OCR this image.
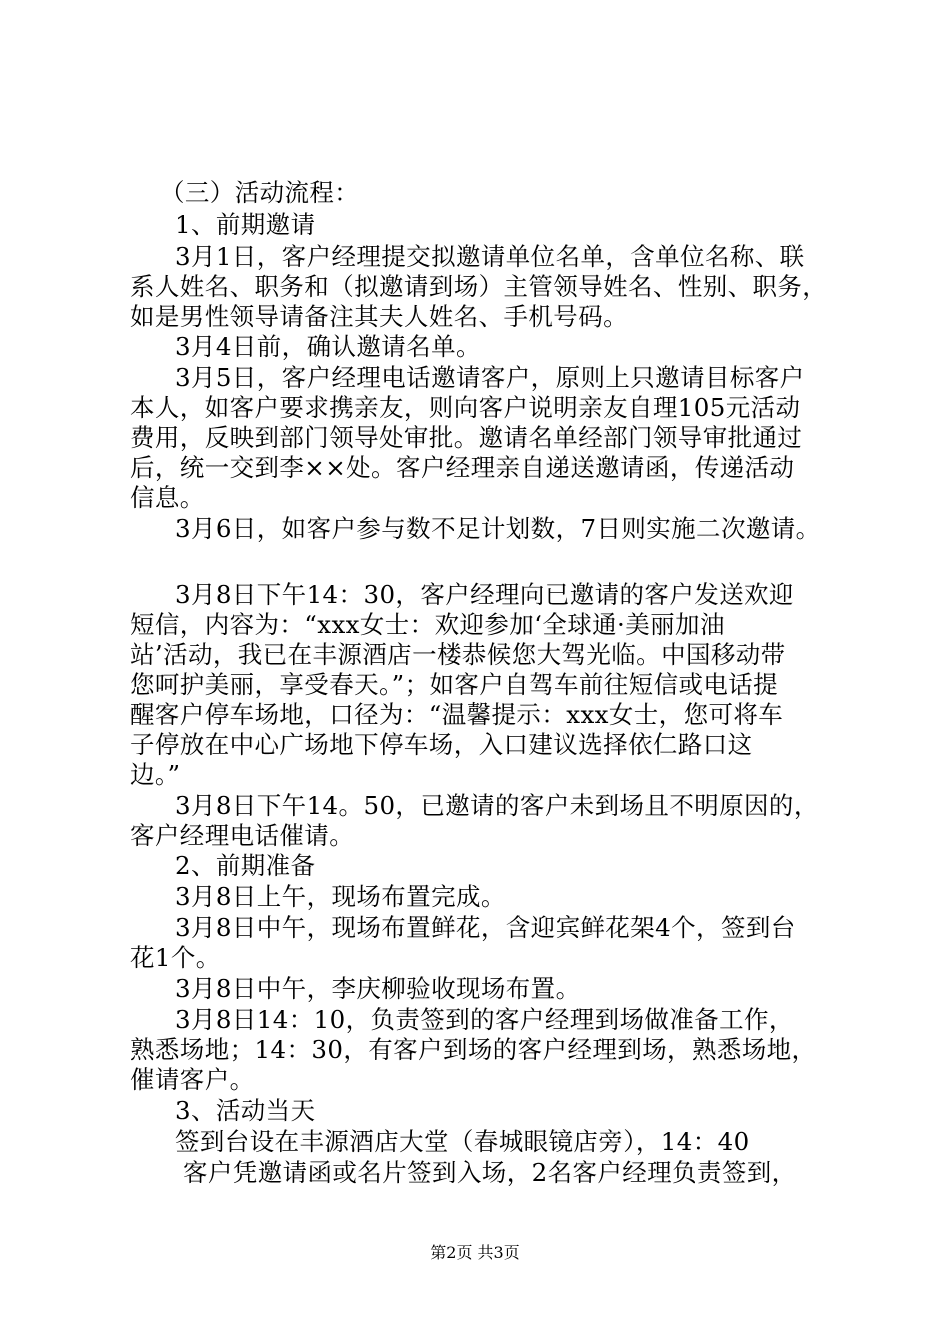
（三）活动流程：
1、前期邀请
3月1日，客户经理提交拟邀请单位名单，含单位名称、联
系人姓名、职务和（拟邀请到场）主管领导姓名、性别、职务，
如是男性领导请备注其夫人姓名、手机号码。
3月4日前，确认邀请名单。
3月5日，客户经理电话邀请客户，原则上只邀请目标客户
本人，如客户要求携亲友，则向客户说明亲友自理105元活动
费用，反映到部门领导处审批。邀请名单经部门领导审批通过
后，统一交到李××处。客户经理亲自递送邀请函，传递活动
信息。
3月6日，如客户参与数不足计划数，7日则实施二次邀请。
3月8日下午14：30，客户经理向已邀请的客户发送欢迎
短信，内容为：“xxx女士：欢迎参加‘全球通·美丽加油
站’活动，我已在丰源酒店一楼恭候您大驾光临。中国移动带
您呵护美丽，享受春天。”；如客户自驾车前往短信或电话提
醒客户停车场地，口径为：“温馨提示：xxx女士，您可将车
子停放在中心广场地下停车场，入口建议选择依仁路口这
边。”
3月8日下午14。50，已邀请的客户未到场且不明原因的，
客户经理电话催请。
2、前期准备
3月8日上午，现场布置完成。
3月8日中午，现场布置鲜花，含迎宾鲜花架4个，签到台
花1个。
3月8日中午，李庆柳验收现场布置。
3月8日14：10，负责签到的客户经理到场做准备工作，
熟悉场地；14：30，有客户到场的客户经理到场，熟悉场地，
催请客户。
3、活动当天
签到台设在丰源酒店大堂（春城眼镜店旁），14：40
客户凭邀请函或名片签到入场，2名客户经理负责签到，
第2页 共3页
